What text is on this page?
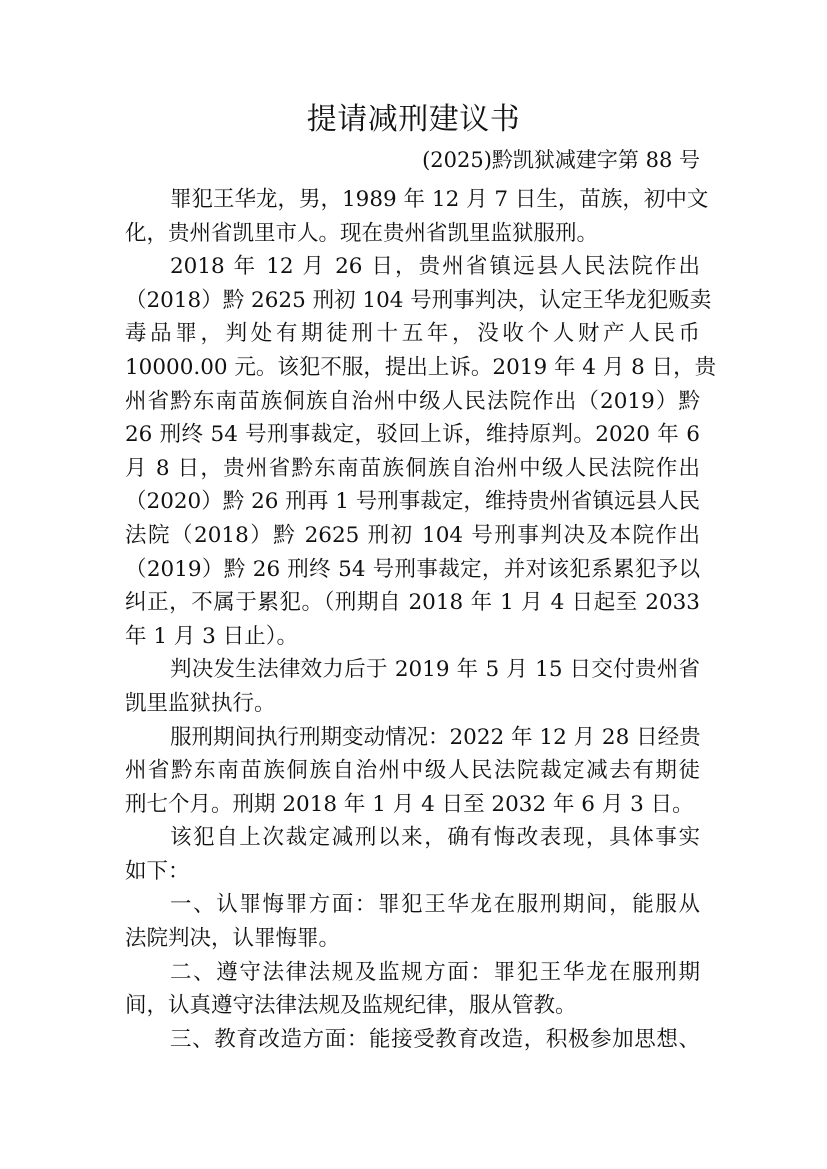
提请减刑建议书
(2025)黔凯狱减建字第 88 号
罪犯王华龙，男，1989 年 12 月 7 日生，苗族，初中文
化，贵州省凯里市人。现在贵州省凯里监狱服刑。
2018 年 12 月 26 日，贵州省镇远县人民法院作出
（2018）黔 2625 刑初 104 号刑事判决，认定王华龙犯贩卖
毒品罪，判处有期徒刑十五年，没收个人财产人民币
10000.00 元。该犯不服，提出上诉。2019 年 4 月 8 日，贵
州省黔东南苗族侗族自治州中级人民法院作出（2019）黔
26 刑终 54 号刑事裁定，驳回上诉，维持原判。2020 年 6
月 8 日，贵州省黔东南苗族侗族自治州中级人民法院作出
（2020）黔 26 刑再 1 号刑事裁定，维持贵州省镇远县人民
法院（2018）黔 2625 刑初 104 号刑事判决及本院作出
（2019）黔 26 刑终 54 号刑事裁定，并对该犯系累犯予以
纠正，不属于累犯。（刑期自 2018 年 1 月 4 日起至 2033
年 1 月 3 日止）。
判决发生法律效力后于 2019 年 5 月 15 日交付贵州省
凯里监狱执行。
服刑期间执行刑期变动情况：2022 年 12 月 28 日经贵
州省黔东南苗族侗族自治州中级人民法院裁定减去有期徒
刑七个月。刑期 2018 年 1 月 4 日至 2032 年 6 月 3 日。
该犯自上次裁定减刑以来，确有悔改表现，具体事实
如下：
一、认罪悔罪方面：罪犯王华龙在服刑期间，能服从
法院判决，认罪悔罪。
二、遵守法律法规及监规方面：罪犯王华龙在服刑期
间，认真遵守法律法规及监规纪律，服从管教。
三、教育改造方面：能接受教育改造，积极参加思想、
